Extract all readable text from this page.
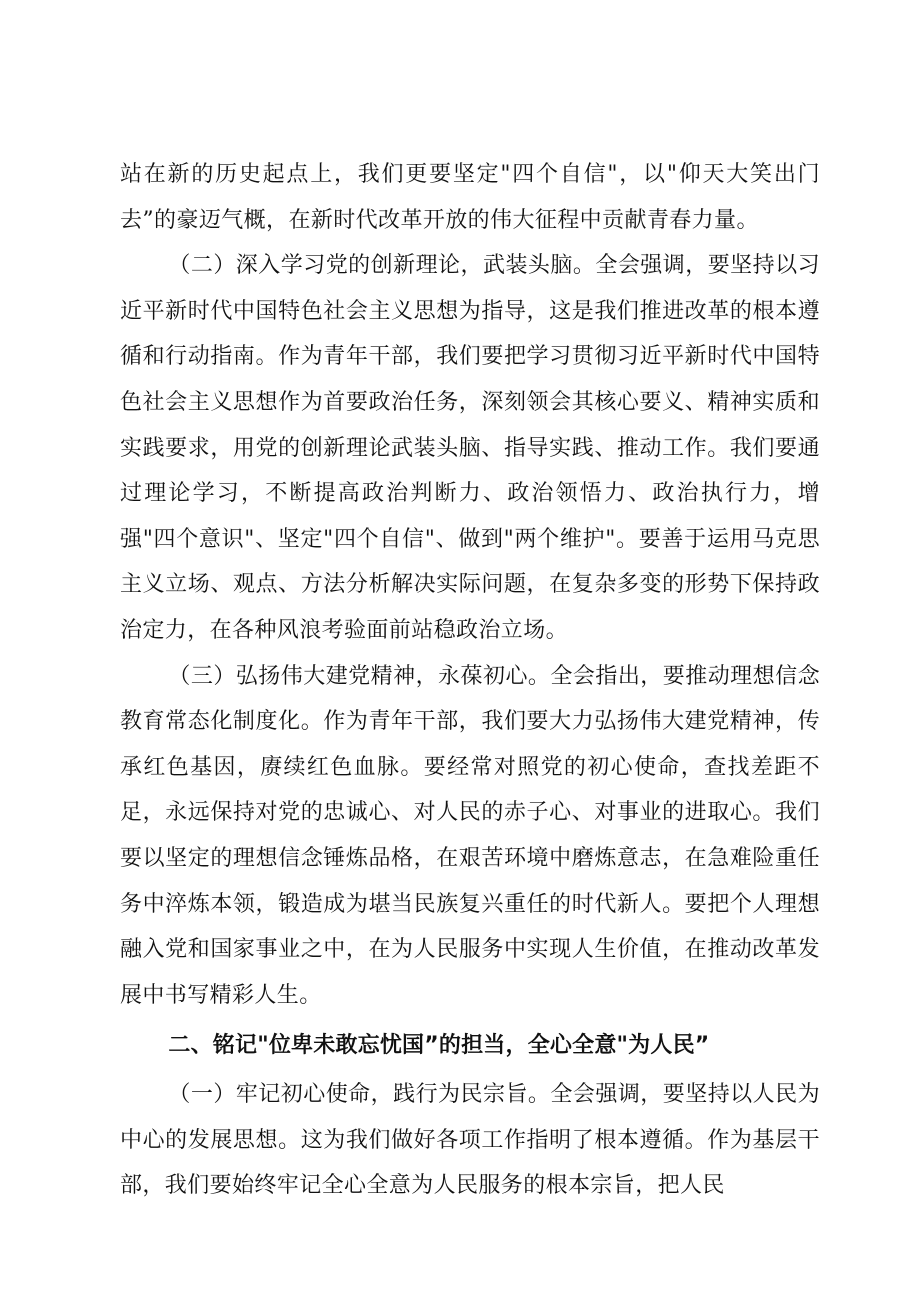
站在新的历史起点上，我们更要坚定"四个自信"，以"仰天大笑出门去”的豪迈气概，在新时代改革开放的伟大征程中贡献青春力量。

（二）深入学习党的创新理论，武装头脑。全会强调，要坚持以习近平新时代中国特色社会主义思想为指导，这是我们推进改革的根本遵循和行动指南。作为青年干部，我们要把学习贯彻习近平新时代中国特色社会主义思想作为首要政治任务，深刻领会其核心要义、精神实质和实践要求，用党的创新理论武装头脑、指导实践、推动工作。我们要通过理论学习，不断提高政治判断力、政治领悟力、政治执行力，增强"四个意识"、坚定"四个自信"、做到"两个维护"。要善于运用马克思主义立场、观点、方法分析解决实际问题，在复杂多变的形势下保持政治定力，在各种风浪考验面前站稳政治立场。

（三）弘扬伟大建党精神，永葆初心。全会指出，要推动理想信念教育常态化制度化。作为青年干部，我们要大力弘扬伟大建党精神，传承红色基因，赓续红色血脉。要经常对照党的初心使命，查找差距不足，永远保持对党的忠诚心、对人民的赤子心、对事业的进取心。我们要以坚定的理想信念锤炼品格，在艰苦环境中磨炼意志，在急难险重任务中淬炼本领，锻造成为堪当民族复兴重任的时代新人。要把个人理想融入党和国家事业之中，在为人民服务中实现人生价值，在推动改革发展中书写精彩人生。

二、铭记"位卑未敢忘忧国”的担当，全心全意"为人民”

（一）牢记初心使命，践行为民宗旨。全会强调，要坚持以人民为中心的发展思想。这为我们做好各项工作指明了根本遵循。作为基层干部，我们要始终牢记全心全意为人民服务的根本宗旨，把人民
